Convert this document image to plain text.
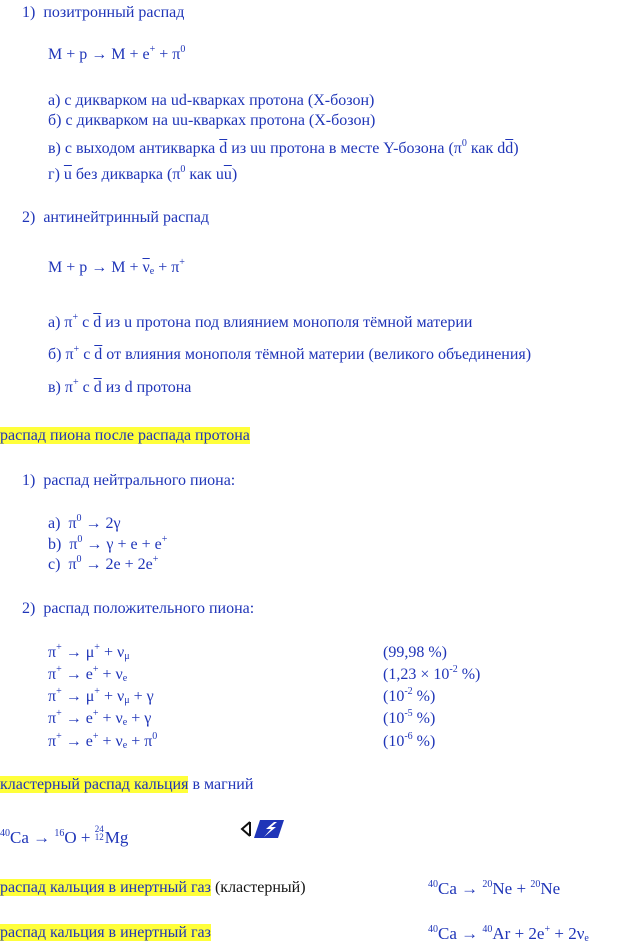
1) позитронный распад
$M + p \to M + e^+ + \pi^0$
а) с дикварком на ud-кварках протона (X-бозон)
б) с дикварком на uu-кварках протона (X-бозон)
в) с выходом антикварка $\overline{d}$ из uu протона в месте Y-бозона ($\pi^0$ как $d\overline{d}$)
г) $\overline{u}$ без дикварка ($\pi^0$ как $u\overline{u}$)
2) антинейтринный распад
$M + p \to M + \overline{\nu}_e + \pi^+$
а) π+ с $\overline{d}$ из u протона под влиянием монополя тёмной материи
б) π+ с $\overline{d}$ от влияния монополя тёмной материи (великого объединения)
в) π+ с $\overline{d}$ из d протона
распад пиона после распада протона
1) распад нейтрального пиона:
a) $\pi^0 \to 2\gamma$
b) $\pi^0 \to \gamma + e + e^+$
c) $\pi^0 \to 2e + 2e^+$
2) распад положительного пиона:
$\pi^+ \to \mu^+ + \nu_\mu$	(99,98 %)
$\pi^+ \to e^+ + \nu_e$	($1,23 \times 10^{-2}$ %)
$\pi^+ \to \mu^+ + \nu_\mu + \gamma$	($10^{-2}$ %)
$\pi^+ \to e^+ + \nu_e + \gamma$	($10^{-5}$ %)
$\pi^+ \to e^+ + \nu_e + \pi^0$	($10^{-6}$ %)
кластерный распад кальция в магний
$^{40}$Ca → $^{16}$O + 24
12 Mg
распад кальция в инертный газ (кластерный)	$^{40}$Ca → $^{20}$Ne + $^{20}$Ne
распад кальция в инертный газ	$^{40}Ca \to ^{40}Ar + 2e^+ + 2\nu_e$
